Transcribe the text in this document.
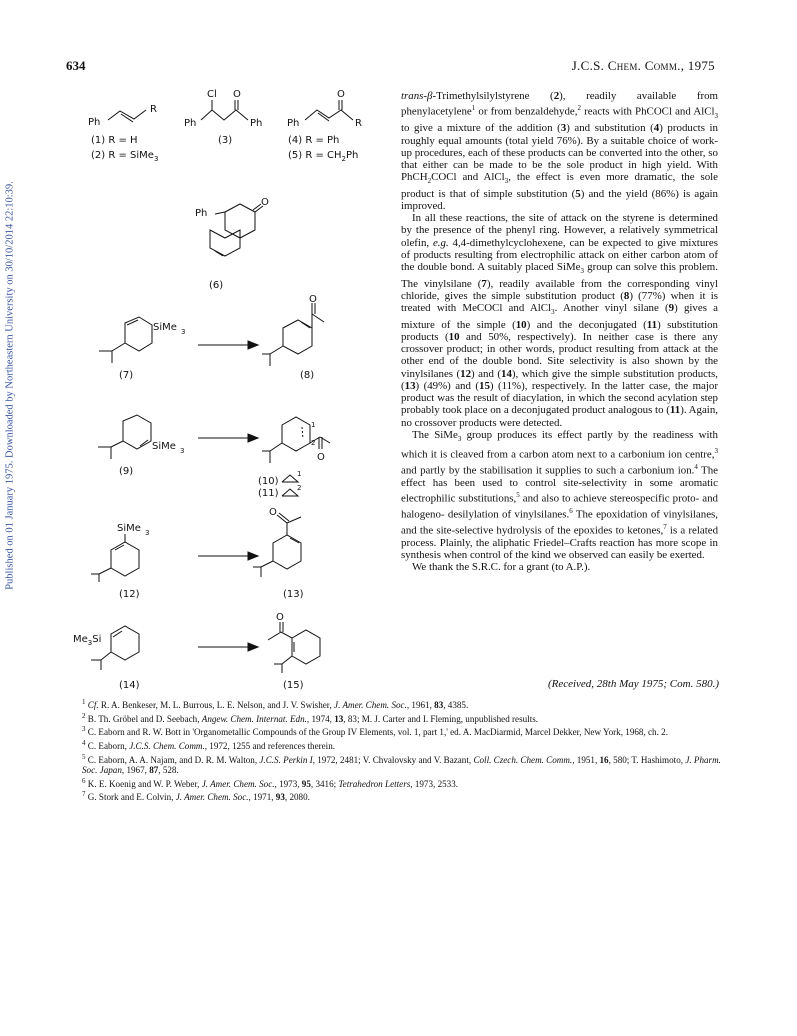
Published on 01 January 1975. Downloaded by Northeastern University on 30/10/2014 22:10:39.
634	J.C.S. Chem. Comm., 1975
Ph
R
(1) R = H
(2) R = SiMe$_3$
Ph
Cl O
Ph
(3)
Ph
O
R
(4) R = Ph
(5) $R = CH_2Ph$
Ph
O
(6)
SiMe 3
(7)
O
(8)
SiMe 3
(9)
1
2
O
(10)
1
(11)	2
SiMe 3
(12)
O
(13)
$Me_3Si$
(14)
O
(15)

trans-β-Trimethylsilylstyrene (2), readily available from phenylacetylene$^1$ or from benzaldehyde,$^2$ reacts with PhCOCl and AlCl$_3$ to give a mixture of the addition (3) and substitution (4) products in roughly equal amounts (total yield 76%). By a suitable choice of work-up procedures, each of these products can be converted into the other, so that either can be made to be the sole product in high yield. With PhCH$_2$COCl and AlCl$_3$, the effect is even more dramatic, the sole product is that of simple substitution (5) and the yield (86%) is again improved.

In all these reactions, the site of attack on the styrene is determined by the presence of the phenyl ring. However, a relatively symmetrical olefin, e.g. 4,4-dimethylcyclohexene, can be expected to give mixtures of products resulting from electrophilic attack on either carbon atom of the double bond. A suitably placed SiMe$_3$ group can solve this problem. The vinylsilane (7), readily available from the corresponding vinyl chloride, gives the simple substitution product (8) (77%) when it is treated with MeCOCl and AlCl$_3$. Another vinyl silane (9) gives a mixture of the simple (10) and the deconjugated (11) substitution products (10 and 50%, respectively). In neither case is there any crossover product; in other words, product resulting from attack at the other end of the double bond. Site selectivity is also shown by the vinylsilanes (12) and (14), which give the simple substitution products, (13) (49%) and (15) (11%), respectively. In the latter case, the major product was the result of diacylation, in which the second acylation step probably took place on a deconjugated product analogous to (11). Again, no crossover products were detected.

The SiMe$_3$ group produces its effect partly by the readiness with which it is cleaved from a carbon atom next to a carbonium ion centre,$^3$ and partly by the stabilisation it supplies to such a carbonium ion.$^4$ The effect has been used to control site-selectivity in some aromatic electrophilic substitutions,$^5$ and also to achieve stereospecific proto- and halogeno- desilylation of vinylsilanes.$^6$ The epoxidation of vinylsilanes, and the site-selective hydrolysis of the epoxides to ketones,$^7$ is a related process. Plainly, the aliphatic Friedel–Crafts reaction has more scope in synthesis when control of the kind we observed can easily be exerted.

We thank the S.R.C. for a grant (to A.P.).

(Received, 28th May 1975; Com. 580.)

$^1$ Cf. R. A. Benkeser, M. L. Burrous, L. E. Nelson, and J. V. Swisher, J. Amer. Chem. Soc., 1961, 83, 4385.

$^2$ B. Th. Gröbel and D. Seebach, Angew. Chem. Internat. Edn., 1974, 13, 83; M. J. Carter and I. Fleming, unpublished results.

$^3$ C. Eaborn and R. W. Bott in 'Organometallic Compounds of the Group IV Elements, vol. 1, part 1,' ed. A. MacDiarmid, Marcel Dekker, New York, 1968, ch. 2.

$^4$ C. Eaborn, J.C.S. Chem. Comm., 1972, 1255 and references therein.

$^5$ C. Eaborn, A. A. Najam, and D. R. M. Walton, J.C.S. Perkin I, 1972, 2481; V. Chvalovsky and V. Bazant, Coll. Czech. Chem. Comm., 1951, 16, 580; T. Hashimoto, J. Pharm. Soc. Japan, 1967, 87, 528.

$^6$ K. E. Koenig and W. P. Weber, J. Amer. Chem. Soc., 1973, 95, 3416; Tetrahedron Letters, 1973, 2533.

$^7$ G. Stork and E. Colvin, J. Amer. Chem. Soc., 1971, 93, 2080.
